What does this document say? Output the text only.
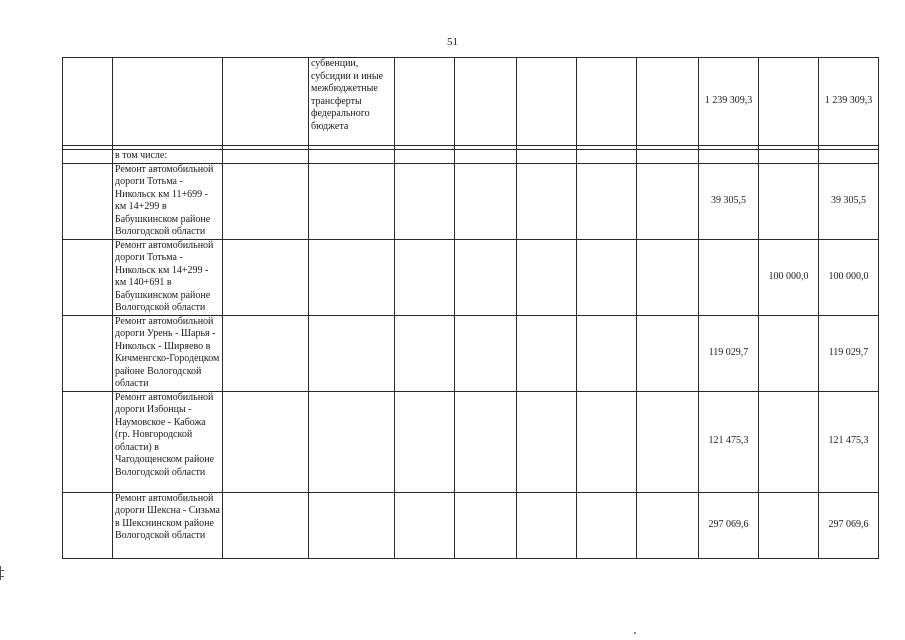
51
			субвенции, субсидии и иные межбюджетные трансферты федерального бюджета						1 239 309,3		1 239 309,3

	в том числе:										
	Ремонт автомобильной дороги Тотьма - Никольск км 11+699 - км 14+299 в Бабушкинском районе Вологодской области								39 305,5		39 305,5
	Ремонт автомобильной дороги Тотьма - Никольск км 14+299 - км 140+691 в Бабушкинском районе Вологодской области									100 000,0	100 000,0
	Ремонт автомобильной дороги Урень - Шарья - Никольск - Ширяево в Кичменгско-Городецком районе Вологодской области								119 029,7		119 029,7
	Ремонт автомобильной дороги Избонцы - Наумовское - Кабожа (гр. Новгородской области) в Чагодощенском районе Вологодской области								121 475,3		121 475,3
	Ремонт автомобильной дороги Шексна - Сизьма в Шекснинском районе Вологодской области								297 069,6		297 069,6
